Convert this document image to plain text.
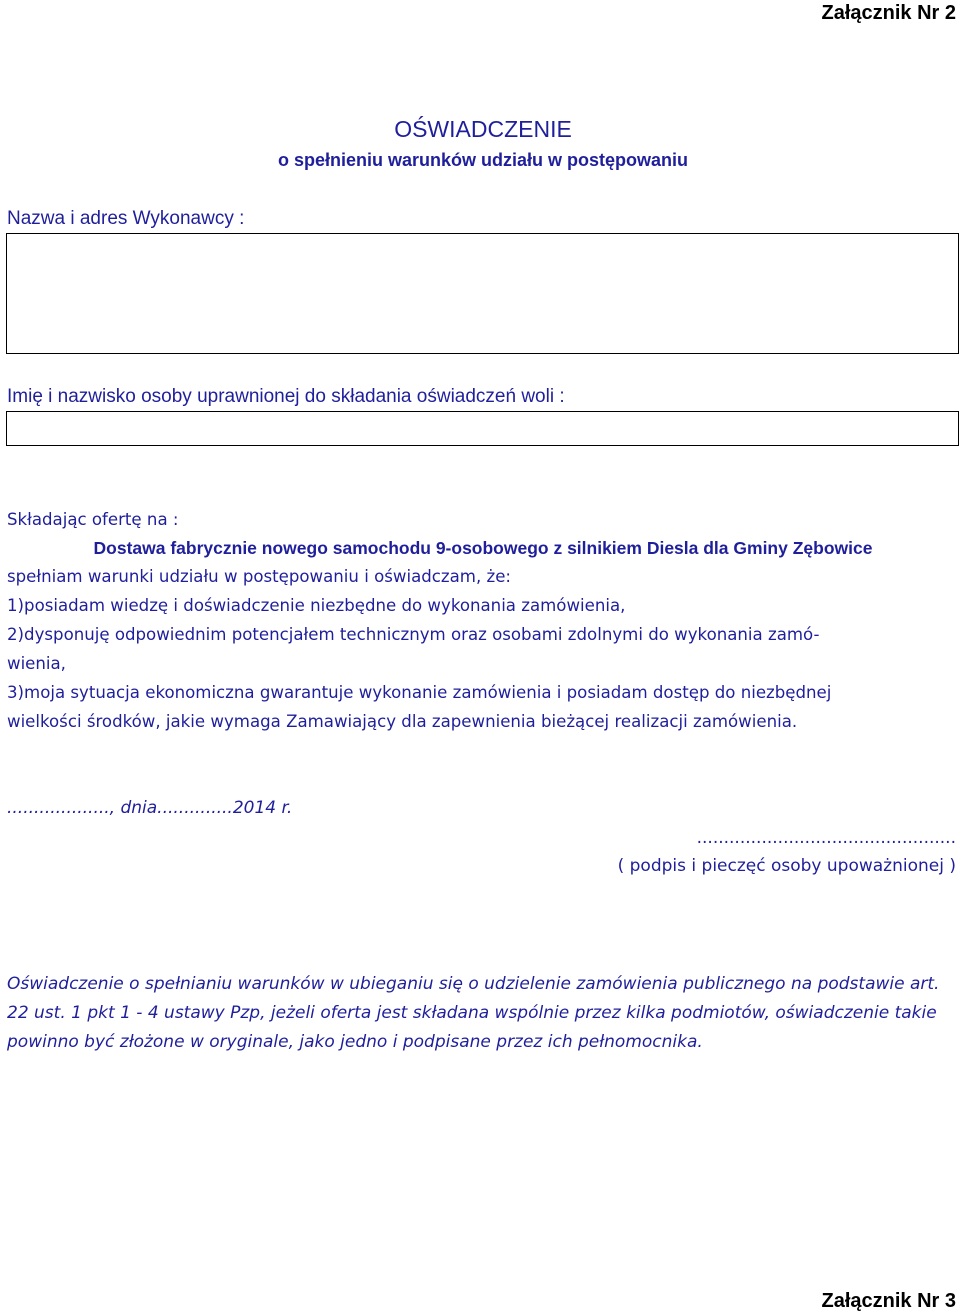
Załącznik Nr 2
OŚWIADCZENIE
o spełnieniu warunków udziału w postępowaniu
Nazwa i adres Wykonawcy :
Imię i nazwisko osoby uprawnionej do składania oświadczeń woli :
Składając ofertę na :
Dostawa fabrycznie nowego samochodu 9-osobowego z silnikiem Diesla dla Gminy Zębowice
spełniam warunki udziału w postępowaniu i oświadczam, że:
1)posiadam wiedzę i doświadczenie niezbędne do wykonania zamówienia,
2)dysponuję odpowiednim potencjałem technicznym oraz osobami zdolnymi do wykonania zamó-
wienia,
3)moja sytuacja ekonomiczna gwarantuje wykonanie zamówienia i posiadam dostęp do niezbędnej
wielkości środków, jakie wymaga Zamawiający dla zapewnienia bieżącej realizacji zamówienia.
..................., dnia..............2014 r.
................................................
( podpis i pieczęć osoby upoważnionej )
Oświadczenie o spełnianiu warunków w ubieganiu się o udzielenie zamówienia publicznego na podstawie art. 22 ust. 1 pkt 1 - 4 ustawy Pzp, jeżeli oferta jest składana wspólnie przez kilka podmiotów, oświadczenie takie powinno być złożone w oryginale, jako jedno i podpisane przez ich pełnomocnika.
Załącznik Nr 3
